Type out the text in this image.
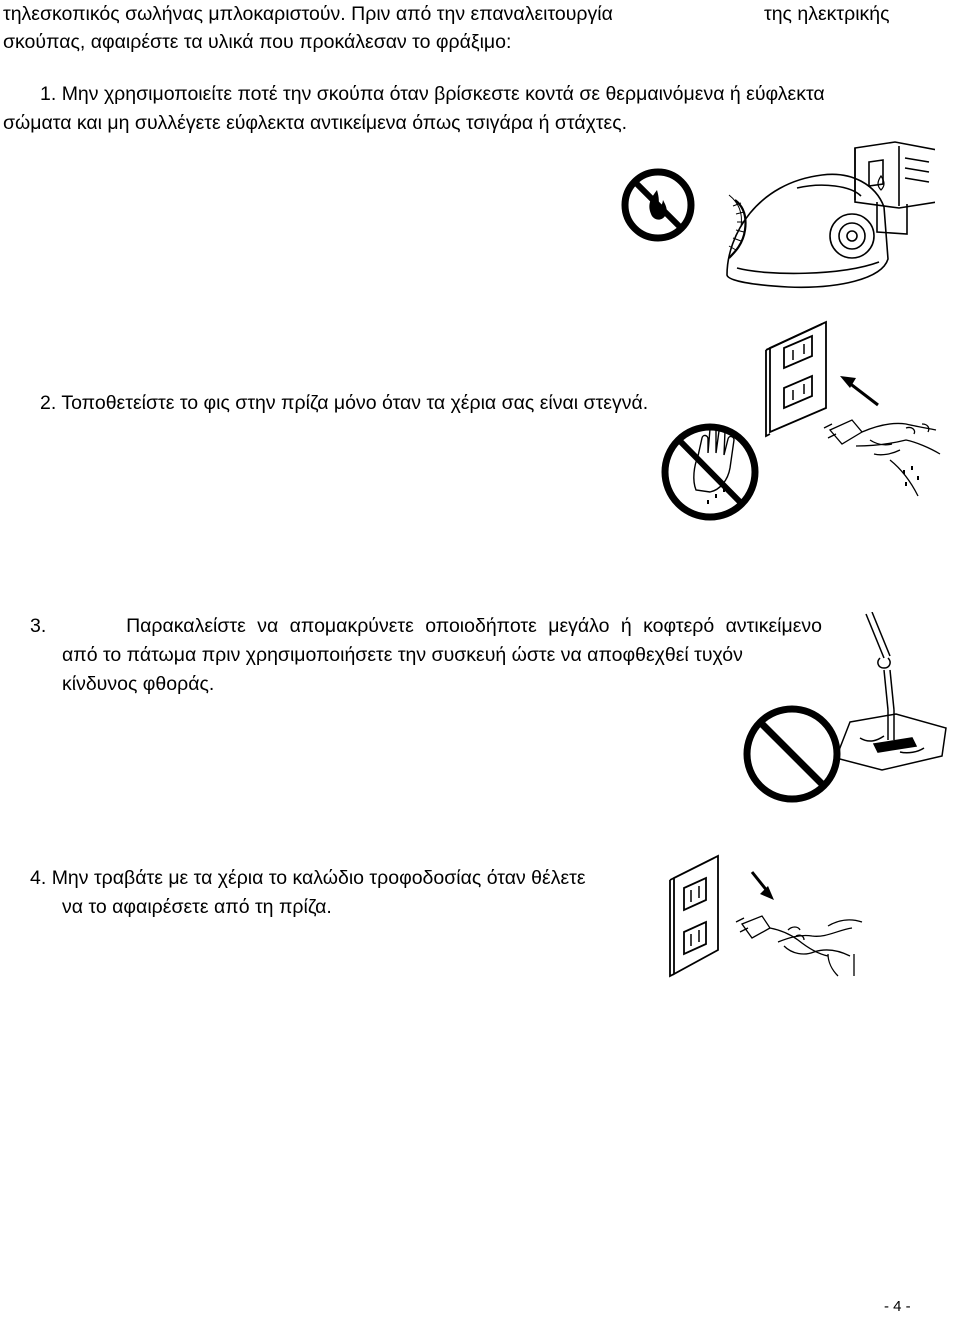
τηλεσκοπικός σωλήνας μπλοκαριστούν. Πριν από την επαναλειτουργία	της ηλεκτρικής
σκούπας, αφαιρέστε τα υλικά που προκάλεσαν το φράξιμο:
1. Μην χρησιμοποιείτε ποτέ την σκούπα όταν βρίσκεστε κοντά σε θερμαινόμενα ή εύφλεκτα
σώματα και μη συλλέγετε εύφλεκτα αντικείμενα όπως τσιγάρα ή στάχτες.
2. Τοποθετείστε το φις στην πρίζα μόνο όταν τα χέρια σας είναι στεγνά.
3.	Παρακαλείστε να απομακρύνετε οποιοδήποτε μεγάλο ή κοφτερό αντικείμενο
από το πάτωμα πριν χρησιμοποιήσετε την συσκευή ώστε να αποφθεχθεί τυχόν
κίνδυνος φθοράς.
4. Μην τραβάτε με τα χέρια το καλώδιο τροφοδοσίας όταν θέλετε
να το αφαιρέσετε από τη πρίζα.
- 4 -
